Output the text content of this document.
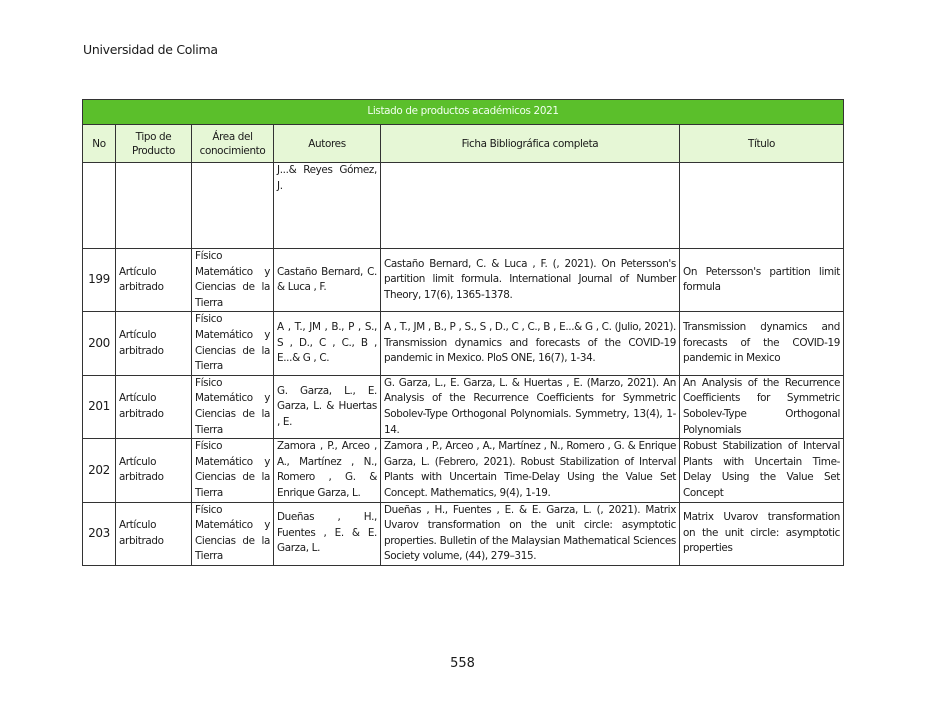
Universidad de Colima
Listado de productos académicos 2021					
No	Tipo de Producto	Área del conocimiento	Autores	Ficha Bibliográfica completa	Título
			J...& Reyes Gómez, J.		
199	Artículo arbitrado	Físico Matemático y Ciencias de la Tierra	Castaño Bernard, C. & Luca , F.	Castaño Bernard, C. & Luca , F. (, 2021). On Petersson's partition limit formula. International Journal of Number Theory, 17(6), 1365-1378.	On Petersson's partition limit formula
200	Artículo arbitrado	Físico Matemático y Ciencias de la Tierra	A , T., JM , B., P , S., S , D., C , C., B , E...& G , C.	A , T., JM , B., P , S., S , D., C , C., B , E...& G , C. (Julio, 2021). Transmission dynamics and forecasts of the COVID-19 pandemic in Mexico. PloS ONE, 16(7), 1-34.	Transmission dynamics and forecasts of the COVID-19 pandemic in Mexico
201	Artículo arbitrado	Físico Matemático y Ciencias de la Tierra	G. Garza, L., E. Garza, L. & Huertas , E.	G. Garza, L., E. Garza, L. & Huertas , E. (Marzo, 2021). An Analysis of the Recurrence Coefficients for Symmetric Sobolev-Type Orthogonal Polynomials. Symmetry, 13(4), 1-14.	An Analysis of the Recurrence Coefficients for Symmetric Sobolev-Type Orthogonal Polynomials
202	Artículo arbitrado	Físico Matemático y Ciencias de la Tierra	Zamora , P., Arceo , A., Martínez , N., Romero , G. & Enrique Garza, L.	Zamora , P., Arceo , A., Martínez , N., Romero , G. & Enrique Garza, L. (Febrero, 2021). Robust Stabilization of Interval Plants with Uncertain Time-Delay Using the Value Set Concept. Mathematics, 9(4), 1-19.	Robust Stabilization of Interval Plants with Uncertain Time-Delay Using the Value Set Concept
203	Artículo arbitrado	Físico Matemático y Ciencias de la Tierra	Dueñas , H., Fuentes , E. & E. Garza, L.	Dueñas , H., Fuentes , E. & E. Garza, L. (, 2021). Matrix Uvarov transformation on the unit circle: asymptotic properties. Bulletin of the Malaysian Mathematical Sciences Society volume, (44), 279–315.	Matrix Uvarov transformation on the unit circle: asymptotic properties
558
